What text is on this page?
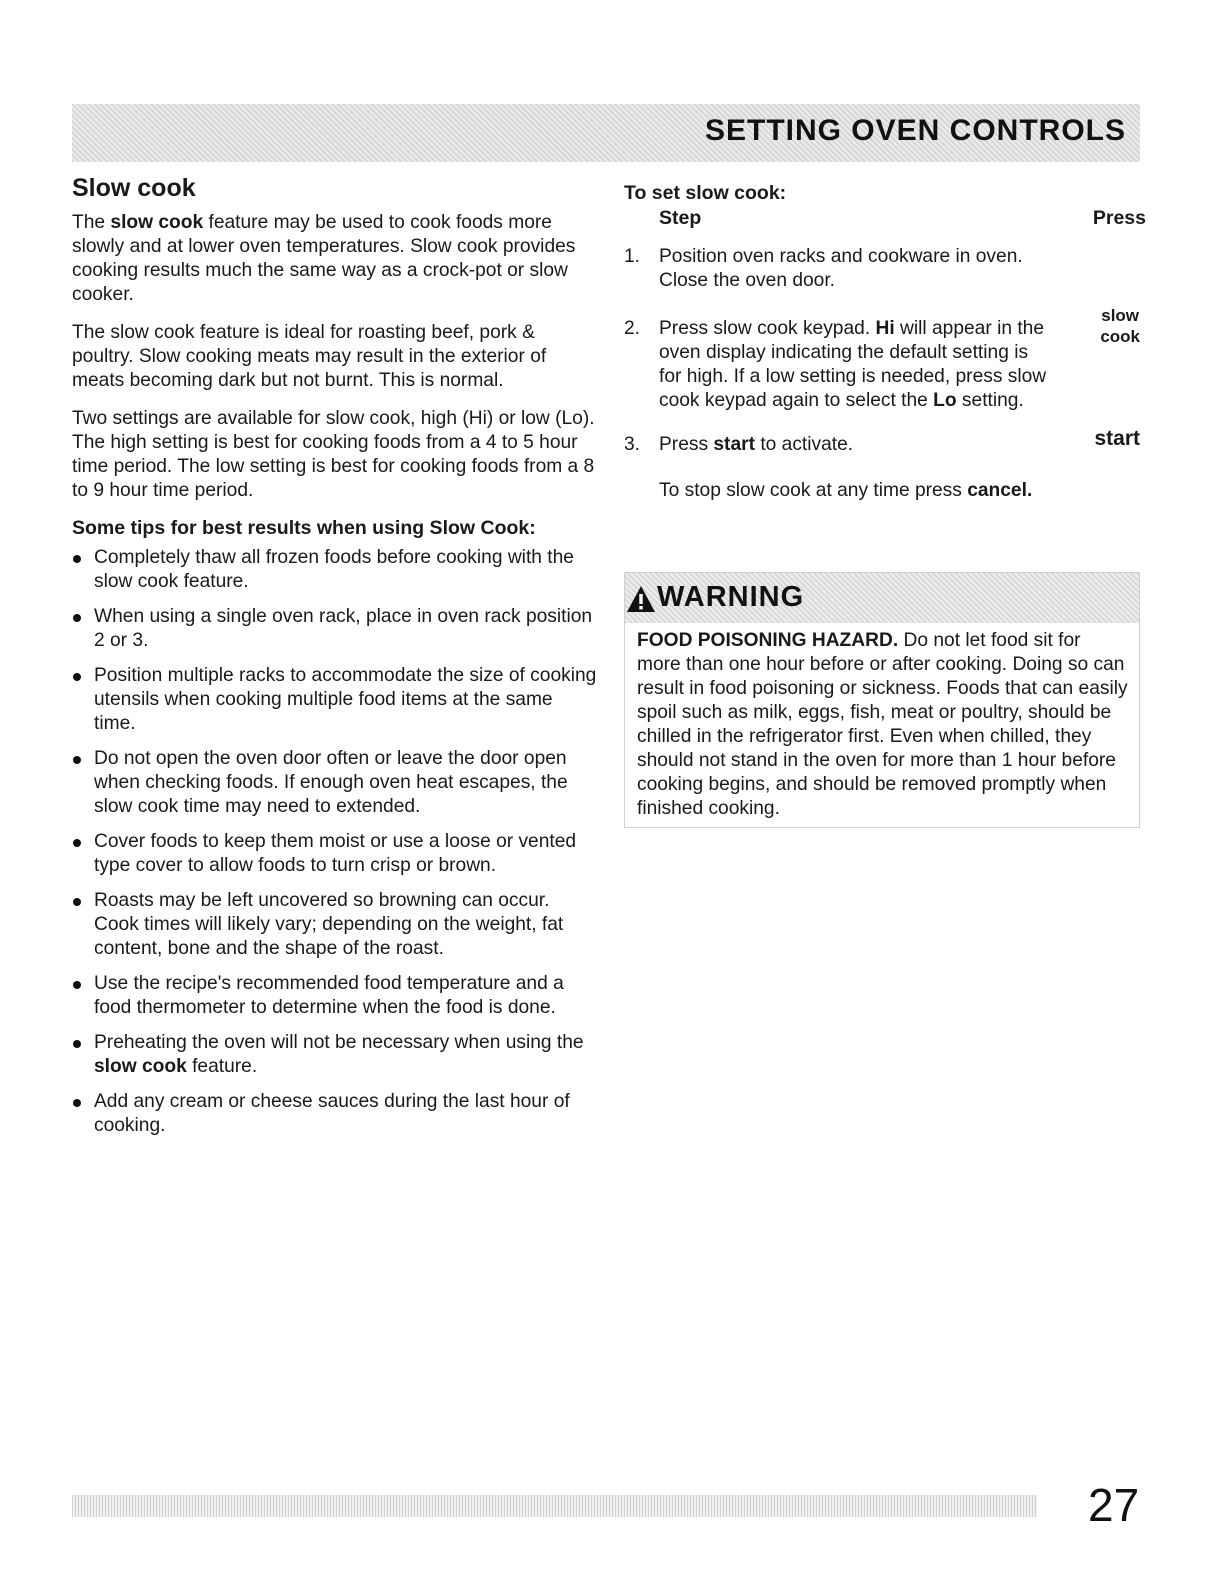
SETTING OVEN CONTROLS
Slow cook

The slow cook feature may be used to cook foods more slowly and at lower oven temperatures. Slow cook provides cooking results much the same way as a crock-pot or slow cooker.

The slow cook feature is ideal for roasting beef, pork & poultry. Slow cooking meats may result in the exterior of meats becoming dark but not burnt. This is normal.

Two settings are available for slow cook, high (Hi) or low (Lo). The high setting is best for cooking foods from a 4 to 5 hour time period. The low setting is best for cooking foods from a 8 to 9 hour time period.

Some tips for best results when using Slow Cook:
Completely thaw all frozen foods before cooking with the slow cook feature.
When using a single oven rack, place in oven rack position 2 or 3.
Position multiple racks to accommodate the size of cooking utensils when cooking multiple food items at the same time.
Do not open the oven door often or leave the door open when checking foods. If enough oven heat escapes, the slow cook time may need to extended.
Cover foods to keep them moist or use a loose or vented type cover to allow foods to turn crisp or brown.
Roasts may be left uncovered so browning can occur. Cook times will likely vary; depending on the weight, fat content, bone and the shape of the roast.
Use the recipe's recommended food temperature and a food thermometer to determine when the food is done.
Preheating the oven will not be necessary when using the slow cook feature.
Add any cream or cheese sauces during the last hour of cooking.
To set slow cook:
Step	Press
1. Position oven racks and cookware in oven. Close the oven door.
2. Press slow cook keypad. Hi will appear in the oven display indicating the default setting is for high. If a low setting is needed, press slow cook keypad again to select the Lo setting.
slow
cook
3. Press start to activate.	start
To stop slow cook at any time press cancel.
WARNING
FOOD POISONING HAZARD. Do not let food sit for more than one hour before or after cooking. Doing so can result in food poisoning or sickness. Foods that can easily spoil such as milk, eggs, fish, meat or poultry, should be chilled in the refrigerator first. Even when chilled, they should not stand in the oven for more than 1 hour before cooking begins, and should be removed promptly when finished cooking.
27
